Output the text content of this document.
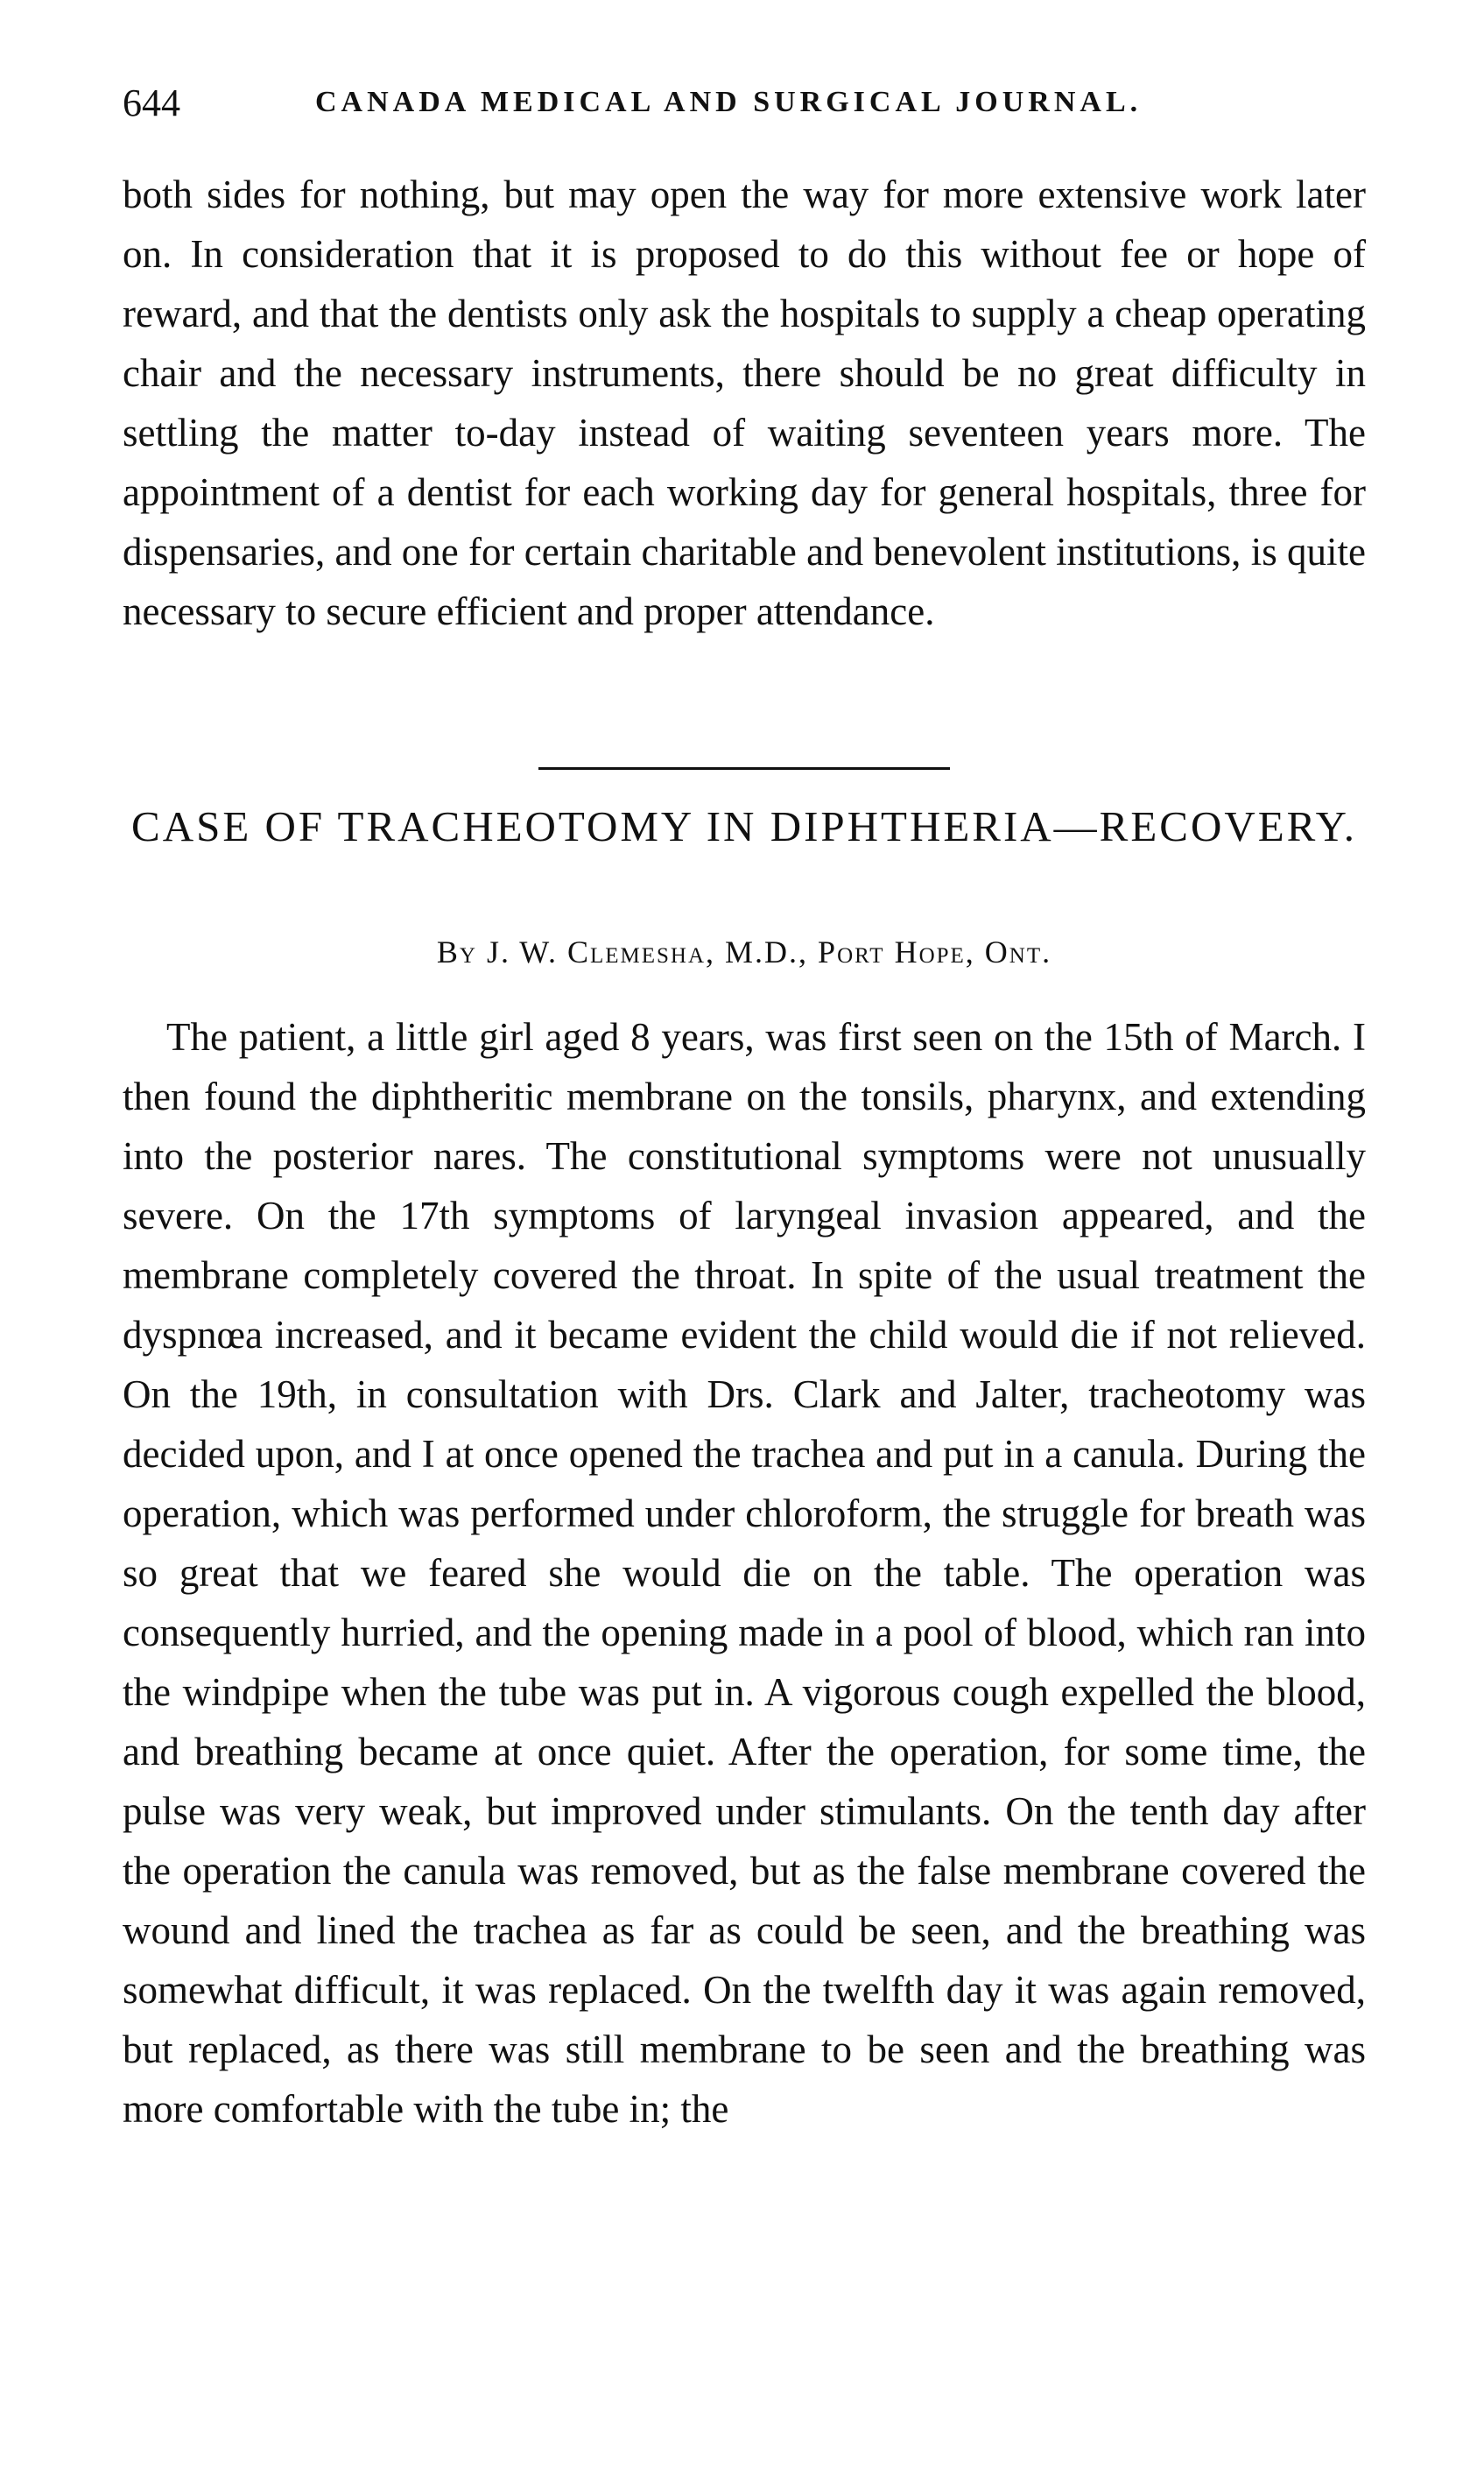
644	CANADA MEDICAL AND SURGICAL JOURNAL.

both sides for nothing, but may open the way for more extensive work later on. In consideration that it is proposed to do this without fee or hope of reward, and that the dentists only ask the hospitals to supply a cheap operating chair and the necessary instruments, there should be no great difficulty in settling the matter to-day instead of waiting seventeen years more. The appointment of a dentist for each working day for general hospitals, three for dispensaries, and one for certain charitable and benevolent institutions, is quite necessary to secure efficient and proper attendance.

CASE OF TRACHEOTOMY IN DIPHTHERIA—RECOVERY.
By J. W. Clemesha, M.D., Port Hope, Ont.

The patient, a little girl aged 8 years, was first seen on the 15th of March. I then found the diphtheritic membrane on the tonsils, pharynx, and extending into the posterior nares. The constitutional symptoms were not unusually severe. On the 17th symptoms of laryngeal invasion appeared, and the membrane completely covered the throat. In spite of the usual treatment the dyspnœa increased, and it became evident the child would die if not relieved. On the 19th, in consultation with Drs. Clark and Jalter, tracheotomy was decided upon, and I at once opened the trachea and put in a canula. During the operation, which was performed under chloroform, the struggle for breath was so great that we feared she would die on the table. The operation was consequently hurried, and the opening made in a pool of blood, which ran into the windpipe when the tube was put in. A vigorous cough expelled the blood, and breathing became at once quiet. After the operation, for some time, the pulse was very weak, but improved under stimulants. On the tenth day after the operation the canula was removed, but as the false membrane covered the wound and lined the trachea as far as could be seen, and the breathing was somewhat difficult, it was replaced. On the twelfth day it was again removed, but replaced, as there was still membrane to be seen and the breathing was more comfortable with the tube in; the
